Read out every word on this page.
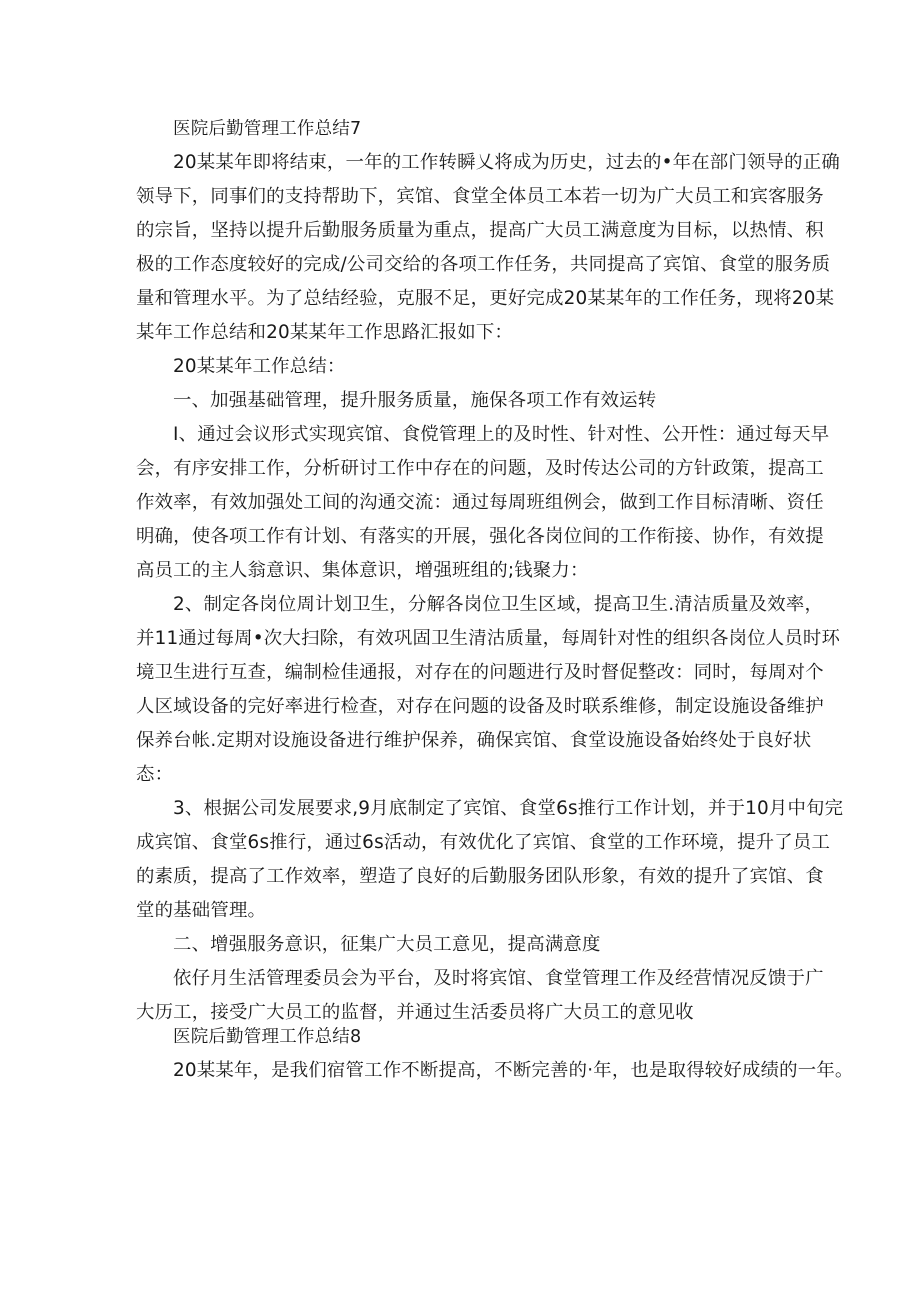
医院后勤管理工作总结7
20某某年即将结束，一年的工作转瞬乂将成为历史，过去的•年在部门领导的正确
领导下，同事们的支持帮助下，宾馆、食堂全体员工本若一切为广大员工和宾客服务
的宗旨，坚持以提升后勤服务质量为重点，提高广大员工满意度为目标，以热情、积
极的工作态度较好的完成/公司交给的各项工作任务，共同提高了宾馆、食堂的服务质
量和管理水平。为了总结经验，克服不足，更好完成20某某年的工作任务，现将20某
某年工作总结和20某某年工作思路汇报如下：
20某某年工作总结：
一、加强基础管理，提升服务质量，施保各项工作有效运转
I、通过会议形式实现宾馆、食傥管理上的及时性、针对性、公开性：通过每天早
会，有序安排工作，分析研讨工作中存在的问题，及时传达公司的方针政策，提高工
作效率，有效加强处工间的沟通交流：通过每周班组例会，做到工作目标清晰、资任
明确，使各项工作有计划、有落实的开展，强化各岗位间的工作衔接、协作，有效提
高员工的主人翁意识、集体意识，增强班组的;钱聚力：
2、制定各岗位周计划卫生，分解各岗位卫生区域，提高卫生.清洁质量及效率，
并11通过每周•次大扫除，有效巩固卫生清沽质量，每周针对性的组织各岗位人员时环
境卫生进行互查，编制检佳通报，对存在的问题进行及时督促整改：同时，每周对个
人区域设备的完好率进行检查，对存在问题的设备及时联系维修，制定设施设备维护
保养台帐.定期对设施设备进行维护保养，确保宾馆、食堂设施设备始终处于良好状
态：
3、根据公司发展要求,9月底制定了宾馆、食堂6s推行工作计划，并于10月中旬完
成宾馆、食堂6s推行，通过6s活动，有效优化了宾馆、食堂的工作环境，提升了员工
的素质，提高了工作效率，塑造了良好的后勤服务团队形象，有效的提升了宾馆、食
堂的基础管理。
二、增强服务意识，征集广大员工意见，提高满意度
依仔月生活管理委员会为平台，及时将宾馆、食堂管理工作及经营情况反馈于广
大历工，接受广大员工的监督，并通过生活委员将广大员工的意见收
医院后勤管理工作总结8
20某某年，是我们宿管工作不断提高，不断完善的·年，也是取得较好成绩的一年。
